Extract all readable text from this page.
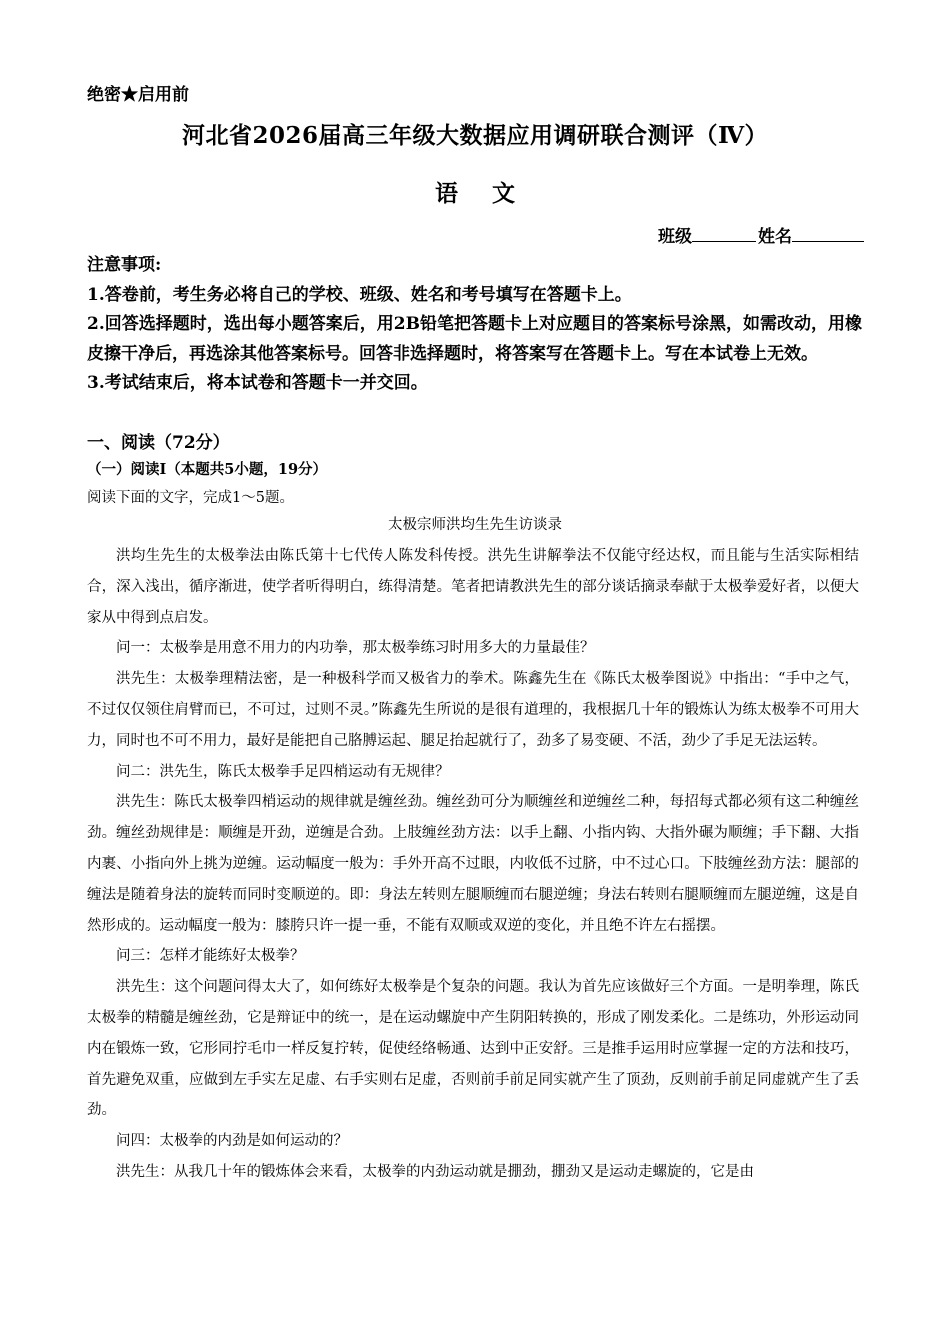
绝密★启用前
河北省2026届高三年级大数据应用调研联合测评（Ⅳ）
语 文
班级	姓名

注意事项:

1.答卷前，考生务必将自己的学校、班级、姓名和考号填写在答题卡上。

2.回答选择题时，选出每小题答案后，用2B铅笔把答题卡上对应题目的答案标号涂黑，如需改动，用橡皮擦干净后，再选涂其他答案标号。回答非选择题时，将答案写在答题卡上。写在本试卷上无效。

3.考试结束后，将本试卷和答题卡一并交回。

一、阅读（72分）
（一）阅读Ⅰ（本题共5小题，19分）
阅读下面的文字，完成1～5题。
太极宗师洪均生先生访谈录

洪均生先生的太极拳法由陈氏第十七代传人陈发科传授。洪先生讲解拳法不仅能守经达权，而且能与生活实际相结合，深入浅出，循序渐进，使学者听得明白，练得清楚。笔者把请教洪先生的部分谈话摘录奉献于太极拳爱好者，以便大家从中得到点启发。

问一：太极拳是用意不用力的内功拳，那太极拳练习时用多大的力量最佳？

洪先生：太极拳理精法密，是一种极科学而又极省力的拳术。陈鑫先生在《陈氏太极拳图说》中指出：“手中之气，不过仅仅领住肩臂而已，不可过，过则不灵。”陈鑫先生所说的是很有道理的，我根据几十年的锻炼认为练太极拳不可用大力，同时也不可不用力，最好是能把自己胳膊运起、腿足抬起就行了，劲多了易变硬、不活，劲少了手足无法运转。

问二：洪先生，陈氏太极拳手足四梢运动有无规律？

洪先生：陈氏太极拳四梢运动的规律就是缠丝劲。缠丝劲可分为顺缠丝和逆缠丝二种，每招每式都必须有这二种缠丝劲。缠丝劲规律是：顺缠是开劲，逆缠是合劲。上肢缠丝劲方法：以手上翻、小指内钩、大指外碾为顺缠；手下翻、大指内裹、小指向外上挑为逆缠。运动幅度一般为：手外开高不过眼，内收低不过脐，中不过心口。下肢缠丝劲方法：腿部的缠法是随着身法的旋转而同时变顺逆的。即：身法左转则左腿顺缠而右腿逆缠；身法右转则右腿顺缠而左腿逆缠，这是自然形成的。运动幅度一般为：膝胯只许一提一垂，不能有双顺或双逆的变化，并且绝不许左右摇摆。

问三：怎样才能练好太极拳？

洪先生：这个问题问得太大了，如何练好太极拳是个复杂的问题。我认为首先应该做好三个方面。一是明拳理，陈氏太极拳的精髓是缠丝劲，它是辩证中的统一，是在运动螺旋中产生阴阳转换的，形成了刚发柔化。二是练功，外形运动同内在锻炼一致，它形同拧毛巾一样反复拧转，促使经络畅通、达到中正安舒。三是推手运用时应掌握一定的方法和技巧，首先避免双重，应做到左手实左足虚、右手实则右足虚，否则前手前足同实就产生了顶劲，反则前手前足同虚就产生了丢劲。

问四：太极拳的内劲是如何运动的？

洪先生：从我几十年的锻炼体会来看，太极拳的内劲运动就是掤劲，掤劲又是运动走螺旋的，它是由
